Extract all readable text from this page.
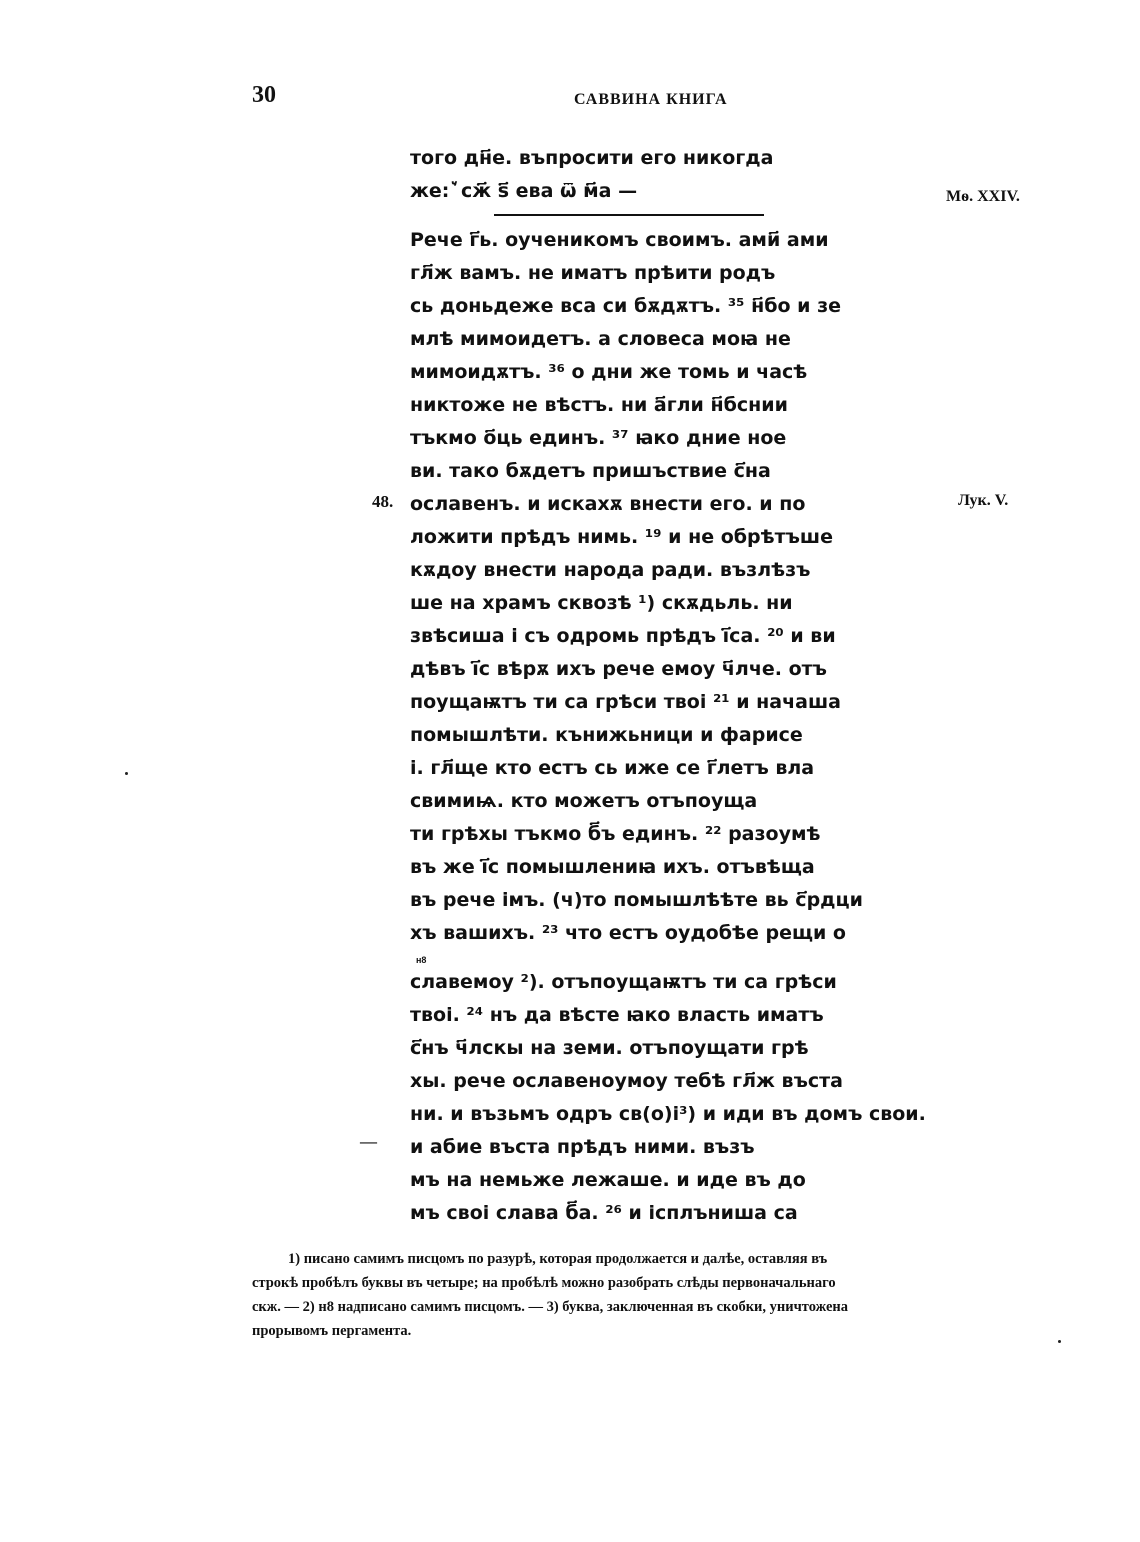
30	САВВИНА КНИГА
Мѳ. XXIV.
Лук. V.
48.
—
того дн҃е. въпросити его никогда
же: ꙽ сж҃ ѕ҃ ева ѿ м҃а —
Рече г҃ь. оученикомъ своимъ. ами҃ ами
гл҃ж вамъ. не иматъ прѣити родъ
сь доньдеже вса си бѫдѫтъ. ³⁵ н҃бо и зе
млѣ мимоидетъ. а словеса моꙗ не
мимоидѫтъ. ³⁶ о дни же томь и часѣ
никтоже не вѣстъ. ни а҃гли н҃бснии
тъкмо о҃ць единъ. ³⁷ ꙗко дние ное
ви. тако бѫдетъ пришъствие с҃на
ославенъ. и искахѫ внести его. и по
ложити прѣдъ нимь. ¹⁹ и не обрѣтъше
кѫдоу внести народа ради. възлѣзъ
ше на храмъ сквозѣ ¹) скѫдьль. ни
звѣсиша i съ одромь прѣдъ і҃са. ²⁰ и ви
дѣвъ і҃с вѣрѫ ихъ рече емоу ч҃лче. отъ
поущаѭтъ ти са грѣси твоi ²¹ и начаша
помышлѣти. кънижьници и фарисе
i. гл҃ще кто естъ сь иже се г҃летъ вла
свимиѩ. кто можетъ отъпоуща
ти грѣхы тъкмо б҃ъ единъ. ²² разоумѣ
въ же і҃с помышлениꙗ ихъ. отъвѣща
въ рече iмъ. (ч)то помышлѣѣте вь с҃рдци
хъ вашихъ. ²³ что естъ оудобѣе рещи о
н8
славемоу ²). отъпоущаѭтъ ти са грѣси
твоi. ²⁴ нъ да вѣсте ꙗко власть иматъ
с҃нъ ч҃лскы на земи. отъпоущати грѣ
хы. рече ославеноумоу тебѣ гл҃ж въста
ни. и възьмъ одръ св(о)i³) и иди въ домъ свои.
и абие въста прѣдъ ними. възъ
мъ на немьже лежаше. и иде въ до
мъ своi слава б҃а. ²⁶ и iсплъниша са
1) писано самимъ писцомъ по разурѣ, которая продолжается и далѣе, оставляя въ
строкѣ пробѣлъ буквы въ четыре; на пробѣлѣ можно разобрать слѣды первоначальнаго
скж. — 2) н8 надписано самимъ писцомъ. — 3) буква, заключенная въ скобки, уничтожена
прорывомъ пергамента.
